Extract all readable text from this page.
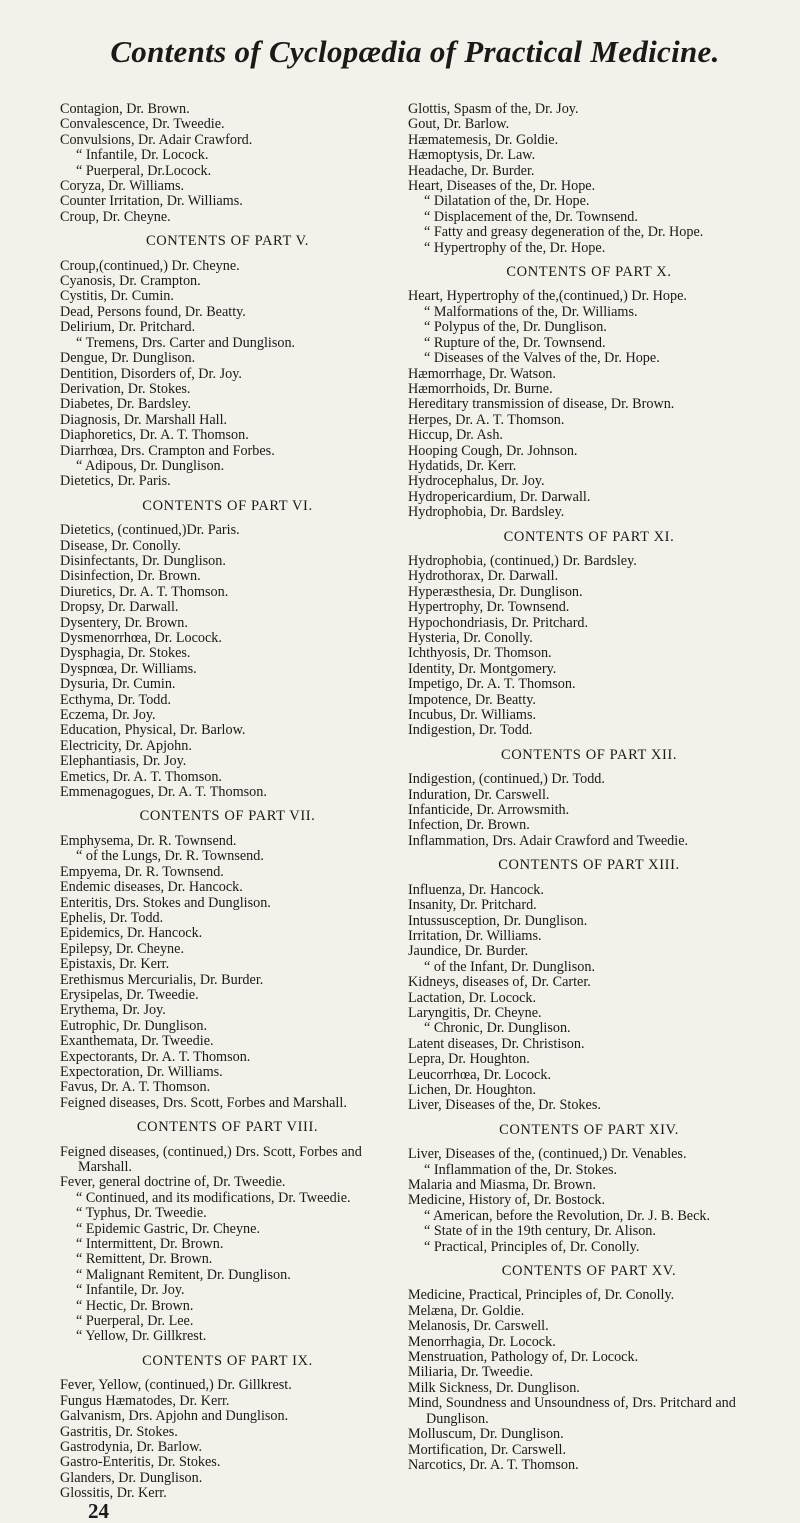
Contents of Cyclopædia of Practical Medicine.
Contagion, Dr. Brown.
Convalescence, Dr. Tweedie.
Convulsions, Dr. Adair Crawford.
“ Infantile, Dr. Locock.
“ Puerperal, Dr.Locock.
Coryza, Dr. Williams.
Counter Irritation, Dr. Williams.
Croup, Dr. Cheyne.
CONTENTS OF PART V.
Croup,(continued,) Dr. Cheyne.
Cyanosis, Dr. Crampton.
Cystitis, Dr. Cumin.
Dead, Persons found, Dr. Beatty.
Delirium, Dr. Pritchard.
“ Tremens, Drs. Carter and Dunglison.
Dengue, Dr. Dunglison.
Dentition, Disorders of, Dr. Joy.
Derivation, Dr. Stokes.
Diabetes, Dr. Bardsley.
Diagnosis, Dr. Marshall Hall.
Diaphoretics, Dr. A. T. Thomson.
Diarrhœa, Drs. Crampton and Forbes.
“ Adipous, Dr. Dunglison.
Dietetics, Dr. Paris.
CONTENTS OF PART VI.
Dietetics, (continued,)Dr. Paris.
Disease, Dr. Conolly.
Disinfectants, Dr. Dunglison.
Disinfection, Dr. Brown.
Diuretics, Dr. A. T. Thomson.
Dropsy, Dr. Darwall.
Dysentery, Dr. Brown.
Dysmenorrhœa, Dr. Locock.
Dysphagia, Dr. Stokes.
Dyspnœa, Dr. Williams.
Dysuria, Dr. Cumin.
Ecthyma, Dr. Todd.
Eczema, Dr. Joy.
Education, Physical, Dr. Barlow.
Electricity, Dr. Apjohn.
Elephantiasis, Dr. Joy.
Emetics, Dr. A. T. Thomson.
Emmenagogues, Dr. A. T. Thomson.
CONTENTS OF PART VII.
Emphysema, Dr. R. Townsend.
“ of the Lungs, Dr. R. Townsend.
Empyema, Dr. R. Townsend.
Endemic diseases, Dr. Hancock.
Enteritis, Drs. Stokes and Dunglison.
Ephelis, Dr. Todd.
Epidemics, Dr. Hancock.
Epilepsy, Dr. Cheyne.
Epistaxis, Dr. Kerr.
Erethismus Mercurialis, Dr. Burder.
Erysipelas, Dr. Tweedie.
Erythema, Dr. Joy.
Eutrophic, Dr. Dunglison.
Exanthemata, Dr. Tweedie.
Expectorants, Dr. A. T. Thomson.
Expectoration, Dr. Williams.
Favus, Dr. A. T. Thomson.
Feigned diseases, Drs. Scott, Forbes and Marshall.
CONTENTS OF PART VIII.
Feigned diseases, (continued,) Drs. Scott, Forbes and Marshall.
Fever, general doctrine of, Dr. Tweedie.
“ Continued, and its modifications, Dr. Tweedie.
“ Typhus, Dr. Tweedie.
“ Epidemic Gastric, Dr. Cheyne.
“ Intermittent, Dr. Brown.
“ Remittent, Dr. Brown.
“ Malignant Remitent, Dr. Dunglison.
“ Infantile, Dr. Joy.
“ Hectic, Dr. Brown.
“ Puerperal, Dr. Lee.
“ Yellow, Dr. Gillkrest.
CONTENTS OF PART IX.
Fever, Yellow, (continued,) Dr. Gillkrest.
Fungus Hæmatodes, Dr. Kerr.
Galvanism, Drs. Apjohn and Dunglison.
Gastritis, Dr. Stokes.
Gastrodynia, Dr. Barlow.
Gastro-Enteritis, Dr. Stokes.
Glanders, Dr. Dunglison.
Glossitis, Dr. Kerr.
24
Glottis, Spasm of the, Dr. Joy.
Gout, Dr. Barlow.
Hæmatemesis, Dr. Goldie.
Hæmoptysis, Dr. Law.
Headache, Dr. Burder.
Heart, Diseases of the, Dr. Hope.
“ Dilatation of the, Dr. Hope.
“ Displacement of the, Dr. Townsend.
“ Fatty and greasy degeneration of the, Dr. Hope.
“ Hypertrophy of the, Dr. Hope.
CONTENTS OF PART X.
Heart, Hypertrophy of the,(continued,) Dr. Hope.
“ Malformations of the, Dr. Williams.
“ Polypus of the, Dr. Dunglison.
“ Rupture of the, Dr. Townsend.
“ Diseases of the Valves of the, Dr. Hope.
Hæmorrhage, Dr. Watson.
Hæmorrhoids, Dr. Burne.
Hereditary transmission of disease, Dr. Brown.
Herpes, Dr. A. T. Thomson.
Hiccup, Dr. Ash.
Hooping Cough, Dr. Johnson.
Hydatids, Dr. Kerr.
Hydrocephalus, Dr. Joy.
Hydropericardium, Dr. Darwall.
Hydrophobia, Dr. Bardsley.
CONTENTS OF PART XI.
Hydrophobia, (continued,) Dr. Bardsley.
Hydrothorax, Dr. Darwall.
Hyperæsthesia, Dr. Dunglison.
Hypertrophy, Dr. Townsend.
Hypochondriasis, Dr. Pritchard.
Hysteria, Dr. Conolly.
Ichthyosis, Dr. Thomson.
Identity, Dr. Montgomery.
Impetigo, Dr. A. T. Thomson.
Impotence, Dr. Beatty.
Incubus, Dr. Williams.
Indigestion, Dr. Todd.
CONTENTS OF PART XII.
Indigestion, (continued,) Dr. Todd.
Induration, Dr. Carswell.
Infanticide, Dr. Arrowsmith.
Infection, Dr. Brown.
Inflammation, Drs. Adair Crawford and Tweedie.
CONTENTS OF PART XIII.
Influenza, Dr. Hancock.
Insanity, Dr. Pritchard.
Intussusception, Dr. Dunglison.
Irritation, Dr. Williams.
Jaundice, Dr. Burder.
“ of the Infant, Dr. Dunglison.
Kidneys, diseases of, Dr. Carter.
Lactation, Dr. Locock.
Laryngitis, Dr. Cheyne.
“ Chronic, Dr. Dunglison.
Latent diseases, Dr. Christison.
Lepra, Dr. Houghton.
Leucorrhœa, Dr. Locock.
Lichen, Dr. Houghton.
Liver, Diseases of the, Dr. Stokes.
CONTENTS OF PART XIV.
Liver, Diseases of the, (continued,) Dr. Venables.
“ Inflammation of the, Dr. Stokes.
Malaria and Miasma, Dr. Brown.
Medicine, History of, Dr. Bostock.
“ American, before the Revolution, Dr. J. B. Beck.
“ State of in the 19th century, Dr. Alison.
“ Practical, Principles of, Dr. Conolly.
CONTENTS OF PART XV.
Medicine, Practical, Principles of, Dr. Conolly.
Melæna, Dr. Goldie.
Melanosis, Dr. Carswell.
Menorrhagia, Dr. Locock.
Menstruation, Pathology of, Dr. Locock.
Miliaria, Dr. Tweedie.
Milk Sickness, Dr. Dunglison.
Mind, Soundness and Unsoundness of, Drs. Pritchard and Dunglison.
Molluscum, Dr. Dunglison.
Mortification, Dr. Carswell.
Narcotics, Dr. A. T. Thomson.
